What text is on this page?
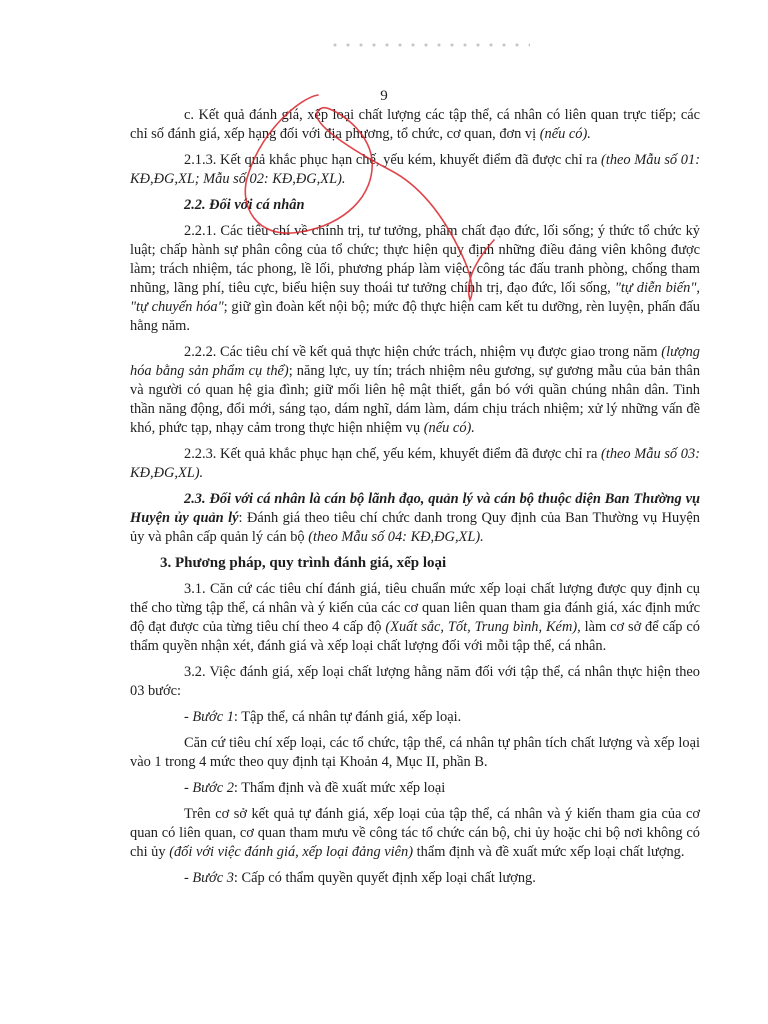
9

c. Kết quả đánh giá, xếp loại chất lượng các tập thể, cá nhân có liên quan trực tiếp; các chỉ số đánh giá, xếp hạng đối với địa phương, tổ chức, cơ quan, đơn vị (nếu có).

2.1.3. Kết quả khắc phục hạn chế, yếu kém, khuyết điểm đã được chỉ ra (theo Mẫu số 01: KĐ,ĐG,XL; Mẫu số 02: KĐ,ĐG,XL).

2.2. Đối với cá nhân

2.2.1. Các tiêu chí về chính trị, tư tưởng, phẩm chất đạo đức, lối sống; ý thức tổ chức kỷ luật; chấp hành sự phân công của tổ chức; thực hiện quy định những điều đảng viên không được làm; trách nhiệm, tác phong, lề lối, phương pháp làm việc; công tác đấu tranh phòng, chống tham nhũng, lãng phí, tiêu cực, biểu hiện suy thoái tư tưởng chính trị, đạo đức, lối sống, "tự diễn biến", "tự chuyển hóa"; giữ gìn đoàn kết nội bộ; mức độ thực hiện cam kết tu dưỡng, rèn luyện, phấn đấu hằng năm.

2.2.2. Các tiêu chí về kết quả thực hiện chức trách, nhiệm vụ được giao trong năm (lượng hóa bằng sản phẩm cụ thể); năng lực, uy tín; trách nhiệm nêu gương, sự gương mẫu của bản thân và người có quan hệ gia đình; giữ mối liên hệ mật thiết, gắn bó với quần chúng nhân dân. Tinh thần năng động, đổi mới, sáng tạo, dám nghĩ, dám làm, dám chịu trách nhiệm; xử lý những vấn đề khó, phức tạp, nhạy cảm trong thực hiện nhiệm vụ (nếu có).

2.2.3. Kết quả khắc phục hạn chế, yếu kém, khuyết điểm đã được chỉ ra (theo Mẫu số 03: KĐ,ĐG,XL).

2.3. Đối với cá nhân là cán bộ lãnh đạo, quản lý và cán bộ thuộc diện Ban Thường vụ Huyện ủy quản lý: Đánh giá theo tiêu chí chức danh trong Quy định của Ban Thường vụ Huyện ủy và phân cấp quản lý cán bộ (theo Mẫu số 04: KĐ,ĐG,XL).

3. Phương pháp, quy trình đánh giá, xếp loại

3.1. Căn cứ các tiêu chí đánh giá, tiêu chuẩn mức xếp loại chất lượng được quy định cụ thể cho từng tập thể, cá nhân và ý kiến của các cơ quan liên quan tham gia đánh giá, xác định mức độ đạt được của từng tiêu chí theo 4 cấp độ (Xuất sắc, Tốt, Trung bình, Kém), làm cơ sở để cấp có thẩm quyền nhận xét, đánh giá và xếp loại chất lượng đối với mỗi tập thể, cá nhân.

3.2. Việc đánh giá, xếp loại chất lượng hằng năm đối với tập thể, cá nhân thực hiện theo 03 bước:

- Bước 1: Tập thể, cá nhân tự đánh giá, xếp loại.

Căn cứ tiêu chí xếp loại, các tổ chức, tập thể, cá nhân tự phân tích chất lượng và xếp loại vào 1 trong 4 mức theo quy định tại Khoản 4, Mục II, phần B.

- Bước 2: Thẩm định và đề xuất mức xếp loại

Trên cơ sở kết quả tự đánh giá, xếp loại của tập thể, cá nhân và ý kiến tham gia của cơ quan có liên quan, cơ quan tham mưu về công tác tổ chức cán bộ, chi ủy hoặc chi bộ nơi không có chi ủy (đối với việc đánh giá, xếp loại đảng viên) thẩm định và đề xuất mức xếp loại chất lượng.

- Bước 3: Cấp có thẩm quyền quyết định xếp loại chất lượng.
